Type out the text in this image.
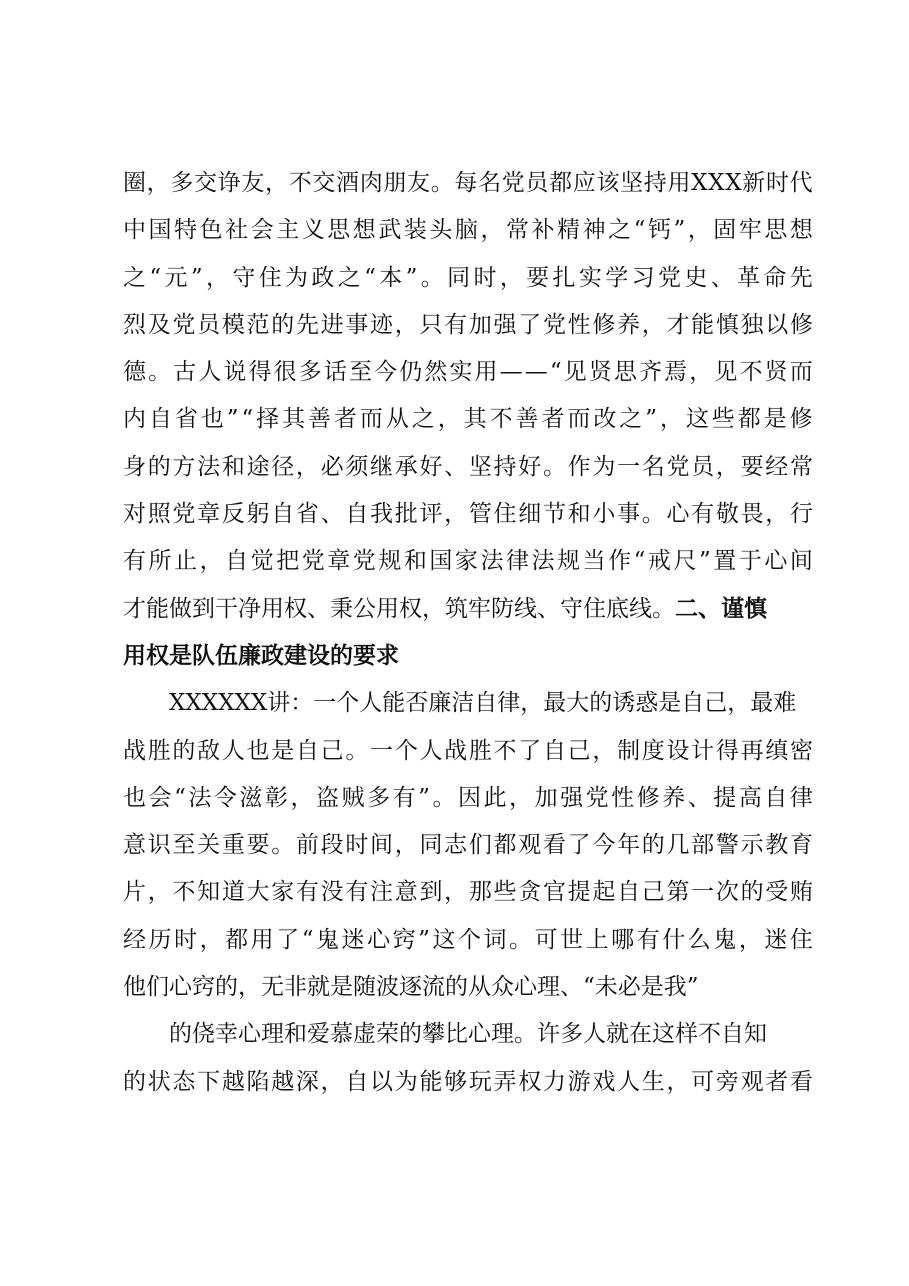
圈 ， 多 交 诤 友 ， 不 交 酒 肉 朋 友 。 每 名 党 员 都 应 该 坚 持 用 X X X 新 时 代
中 国 特 色 社 会 主 义 思 想 武 装 头 脑 ， 常 补 精 神 之 “ 钙 ” ， 固 牢 思 想
之 “ 元 ” ， 守 住 为 政 之 “ 本 ” 。 同 时 ， 要 扎 实 学 习 党 史 、 革 命 先
烈 及 党 员 模 范 的 先 进 事 迹 ， 只 有 加 强 了 党 性 修 养 ， 才 能 慎 独 以 修
德 。 古 人 说 得 很 多 话 至 今 仍 然 实 用 — — “ 见 贤 思 齐 焉 ， 见 不 贤 而
内 自 省 也 ” “ 择 其 善 者 而 从 之 ， 其 不 善 者 而 改 之 ” ， 这 些 都 是 修
身 的 方 法 和 途 径 ， 必 须 继 承 好 、 坚 持 好 。 作 为 一 名 党 员 ， 要 经 常
对 照 党 章 反 躬 自 省 、 自 我 批 评 ， 管 住 细 节 和 小 事 。 心 有 敬 畏 ， 行
有 所 止 ， 自 觉 把 党 章 党 规 和 国 家 法 律 法 规 当 作 “ 戒 尺 ” 置 于 心 间
才能做到干净用权、秉公用权，筑牢防线、守住底线。二、谨慎
用权是队伍廉政建设的要求
XXXXXX讲：一个人能否廉洁自律，最大的诱惑是自己，最难
战 胜 的 敌 人 也 是 自 己 。 一 个 人 战 胜 不 了 自 己 ， 制 度 设 计 得 再 缜 密
也 会 “ 法 令 滋 彰 ， 盗 贼 多 有 ” 。 因 此 ， 加 强 党 性 修 养 、 提 高 自 律
意 识 至 关 重 要 。 前 段 时 间 ， 同 志 们 都 观 看 了 今 年 的 几 部 警 示 教 育
片 ， 不 知 道 大 家 有 没 有 注 意 到 ， 那 些 贪 官 提 起 自 己 第 一 次 的 受 贿
经 历 时 ， 都 用 了 “ 鬼 迷 心 窍 ” 这 个 词 。 可 世 上 哪 有 什 么 鬼 ， 迷 住
他们心窍的，无非就是随波逐流的从众心理、“未必是我”
的侥幸心理和爱慕虚荣的攀比心理。许多人就在这样不自知
的 状 态 下 越 陷 越 深 ， 自 以 为 能 够 玩 弄 权 力 游 戏 人 生 ， 可 旁 观 者 看
